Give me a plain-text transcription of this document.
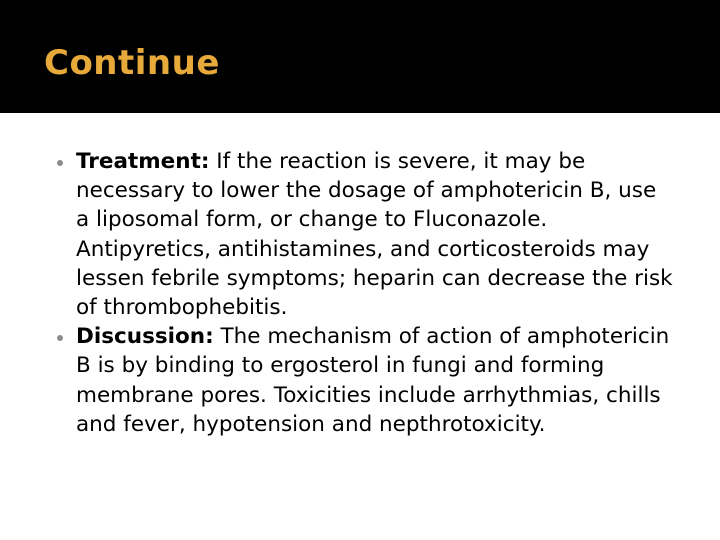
Continue
Treatment: If the reaction is severe, it may be necessary to lower the dosage of amphotericin B, use a liposomal form, or change to Fluconazole. Antipyretics, antihistamines, and corticosteroids may lessen febrile symptoms; heparin can decrease the risk of thrombophebitis.
Discussion: The mechanism of action of amphotericin B is by binding to ergosterol in fungi and forming membrane pores. Toxicities include arrhythmias, chills and fever, hypotension and nepthrotoxicity.
